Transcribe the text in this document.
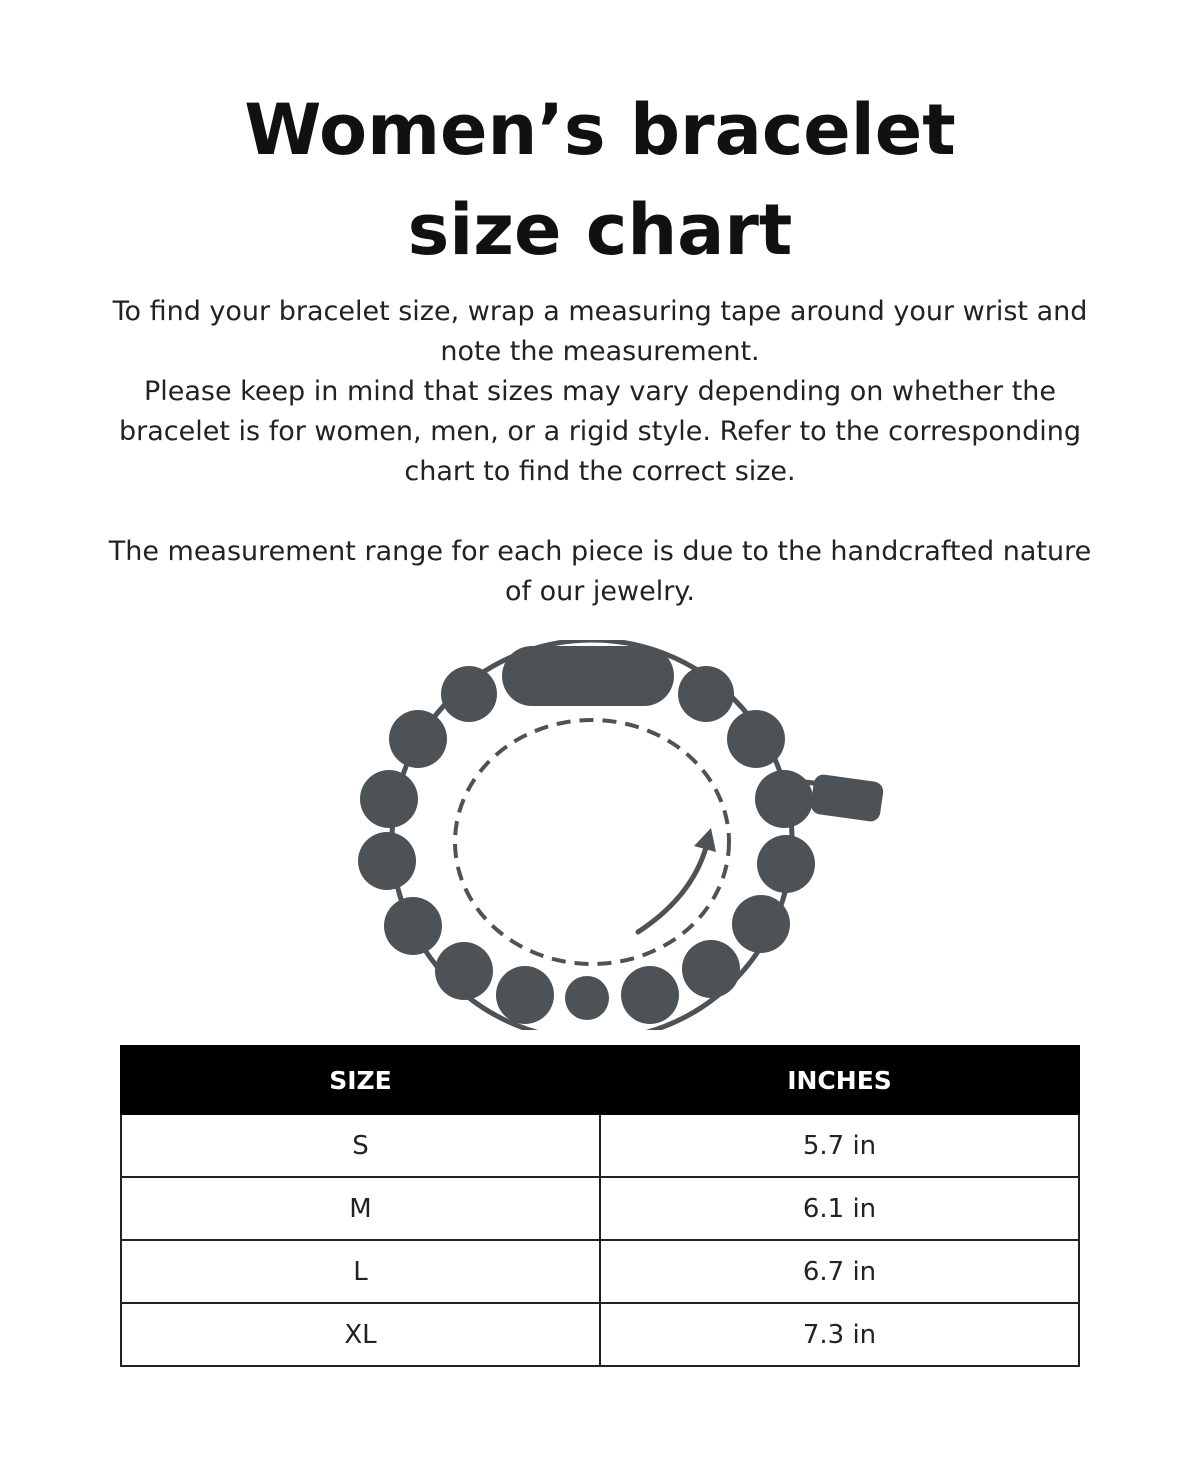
Women’s bracelet
size chart

To find your bracelet size, wrap a measuring tape around your wrist and note the measurement.

Please keep in mind that sizes may vary depending on whether the bracelet is for women, men, or a rigid style. Refer to the corresponding chart to find the correct size.

The measurement range for each piece is due to the handcrafted nature of our jewelry.

SIZE	INCHES
S	5.7 in
M	6.1 in
L	6.7 in
XL	7.3 in
